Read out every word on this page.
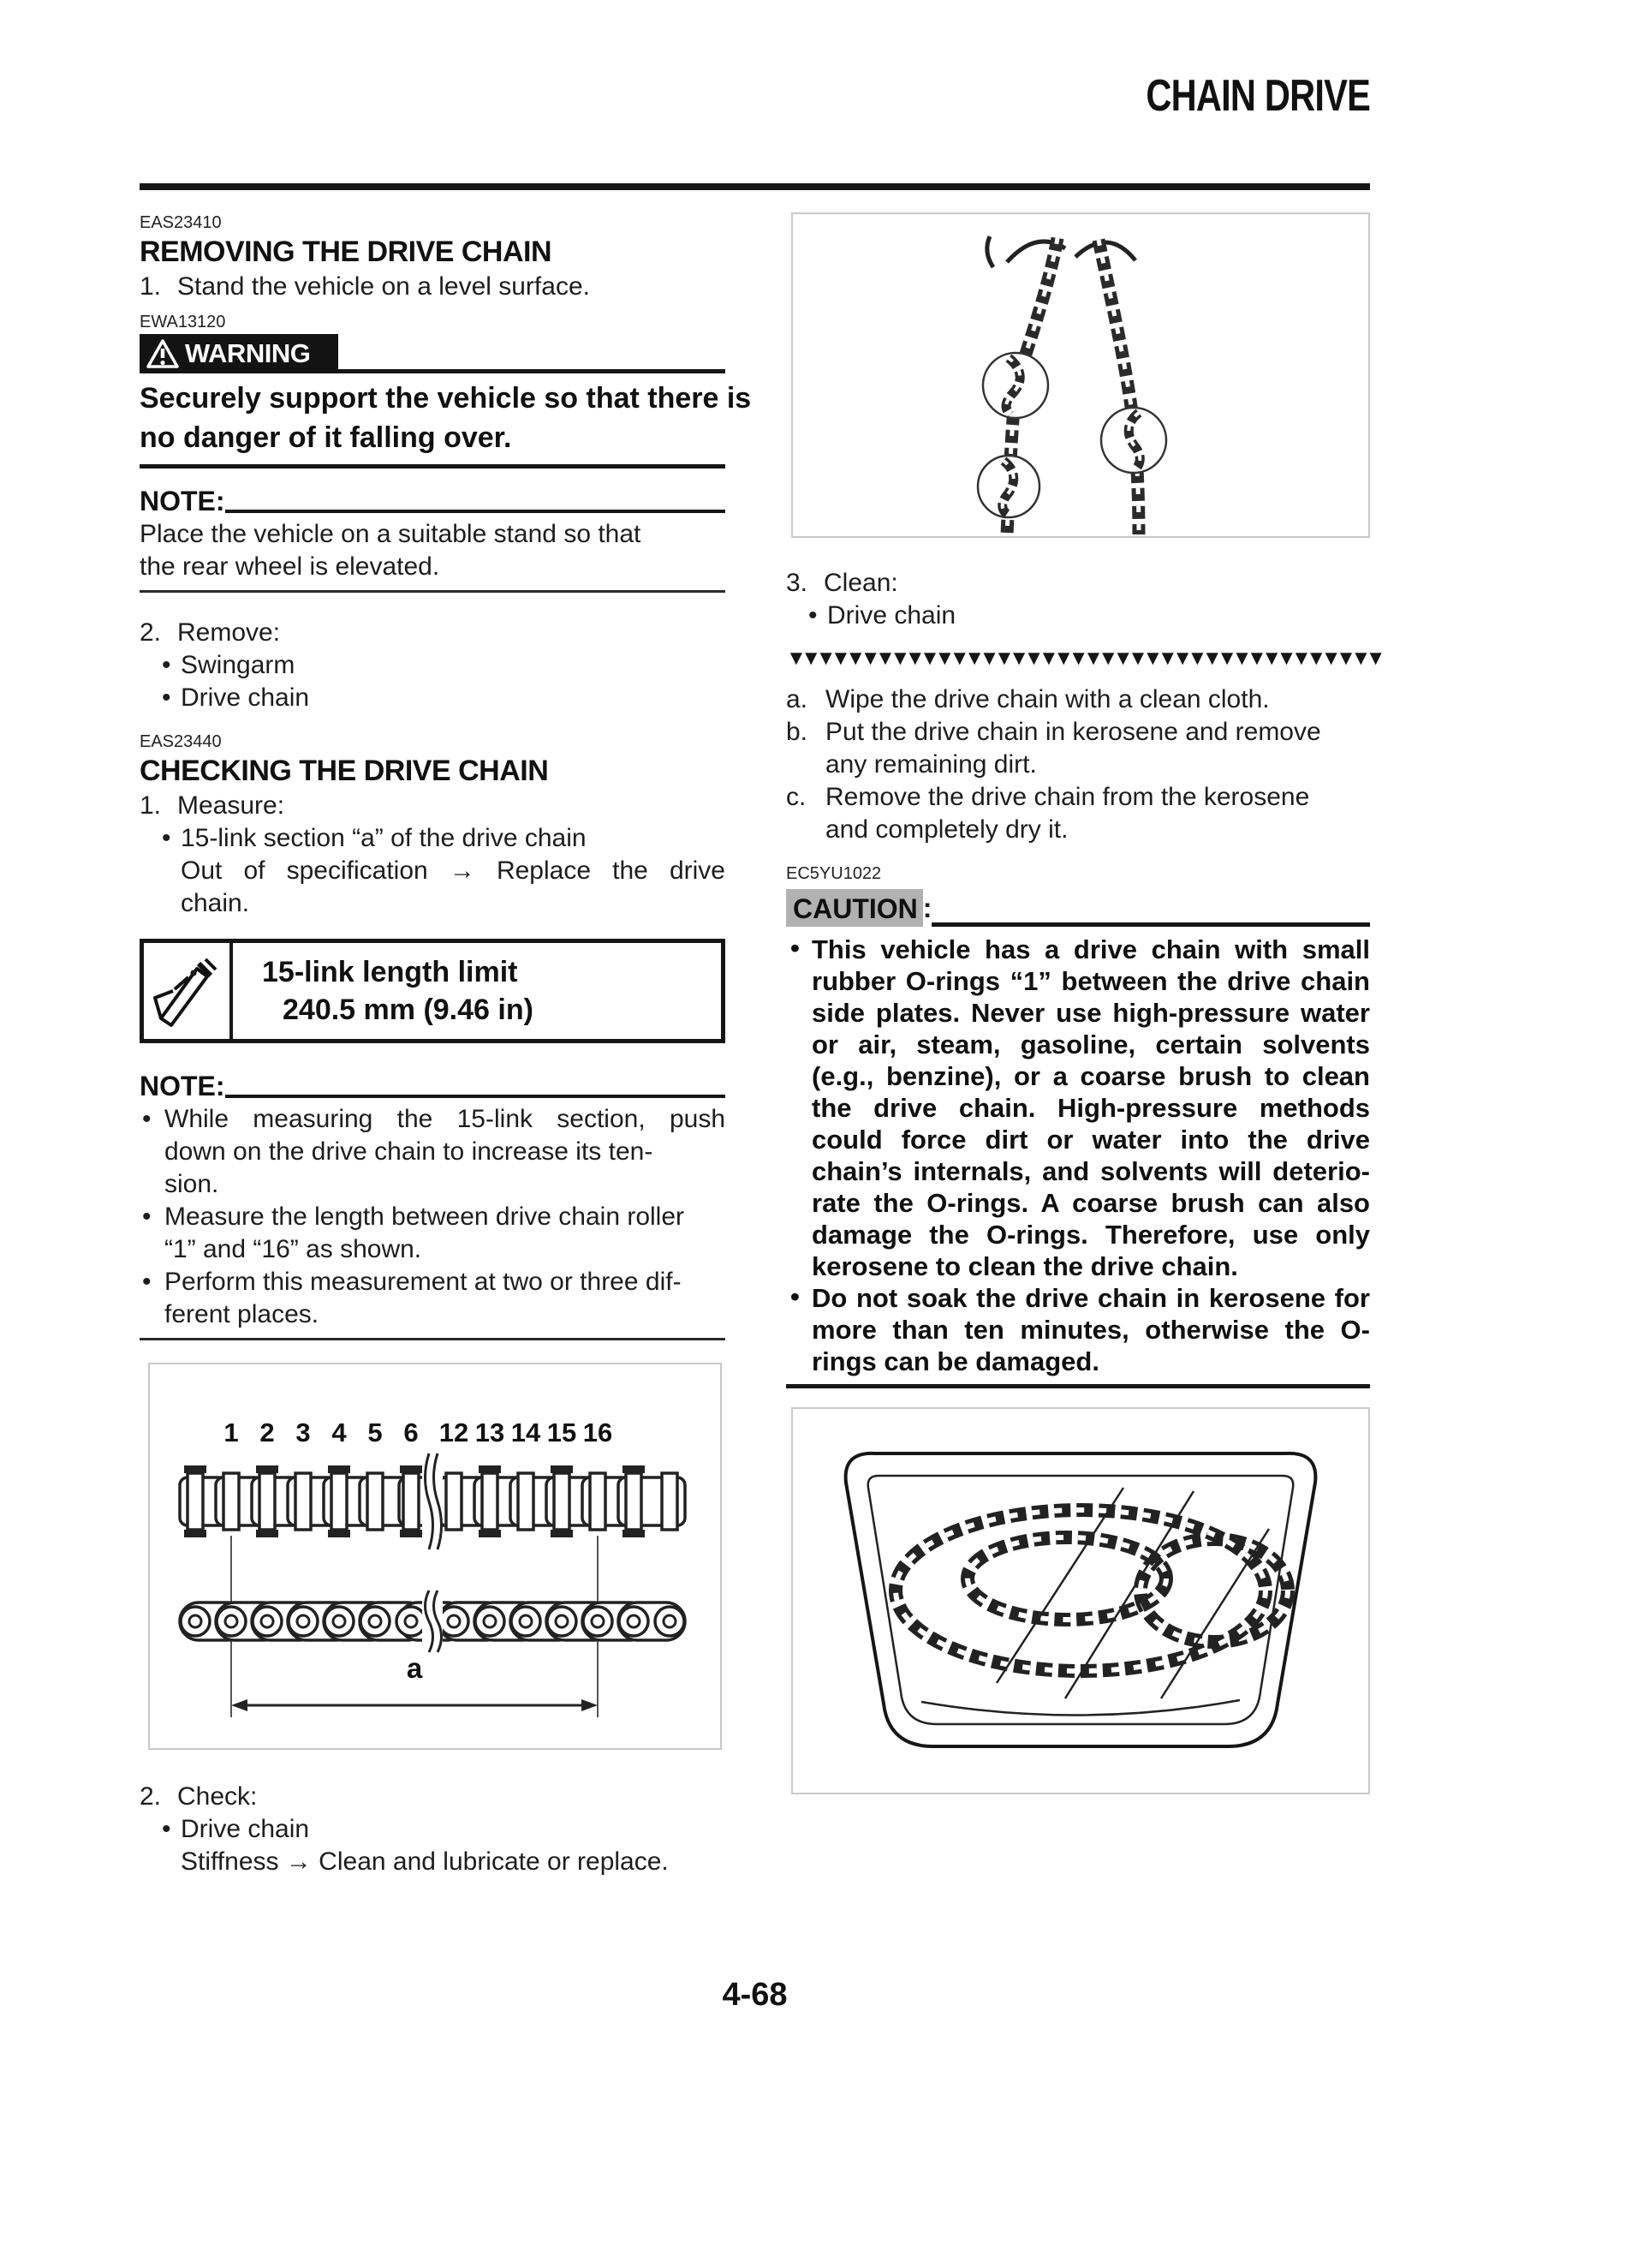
CHAIN DRIVE
EAS23410
REMOVING THE DRIVE CHAIN
1. Stand the vehicle on a level surface.
EWA13120
WARNING
Securely support the vehicle so that there is
no danger of it falling over.
NOTE:
Place the vehicle on a suitable stand so that
the rear wheel is elevated.
2. Remove:
• Swingarm
• Drive chain
EAS23440
CHECKING THE DRIVE CHAIN
1. Measure:
• 15-link section “a” of the drive chain
Out of specification → Replace the drive
chain.
15-link length limit
240.5 mm (9.46 in)
NOTE:
• While measuring the 15-link section, push
down on the drive chain to increase its ten-
sion.
• Measure the length between drive chain roller
“1” and “16” as shown.
• Perform this measurement at two or three dif-
ferent places.
1 2 3 4 5 6 12 13 14 15 16
a
2. Check:
• Drive chain
Stiffness → Clean and lubricate or replace.
3. Clean:
• Drive chain
▼▼▼▼▼▼▼▼▼▼▼▼▼▼▼▼▼▼▼▼▼▼▼▼▼▼▼▼▼▼▼▼▼▼▼▼▼▼▼▼
a. Wipe the drive chain with a clean cloth.
b. Put the drive chain in kerosene and remove
any remaining dirt.
c. Remove the drive chain from the kerosene
and completely dry it.
EC5YU1022
CAUTION :
• This vehicle has a drive chain with small
rubber O-rings “1” between the drive chain
side plates. Never use high-pressure water
or air, steam, gasoline, certain solvents
(e.g., benzine), or a coarse brush to clean
the drive chain. High-pressure methods
could force dirt or water into the drive
chain’s internals, and solvents will deterio-
rate the O-rings. A coarse brush can also
damage the O-rings. Therefore, use only
kerosene to clean the drive chain.
• Do not soak the drive chain in kerosene for
more than ten minutes, otherwise the O-
rings can be damaged.
4-68
